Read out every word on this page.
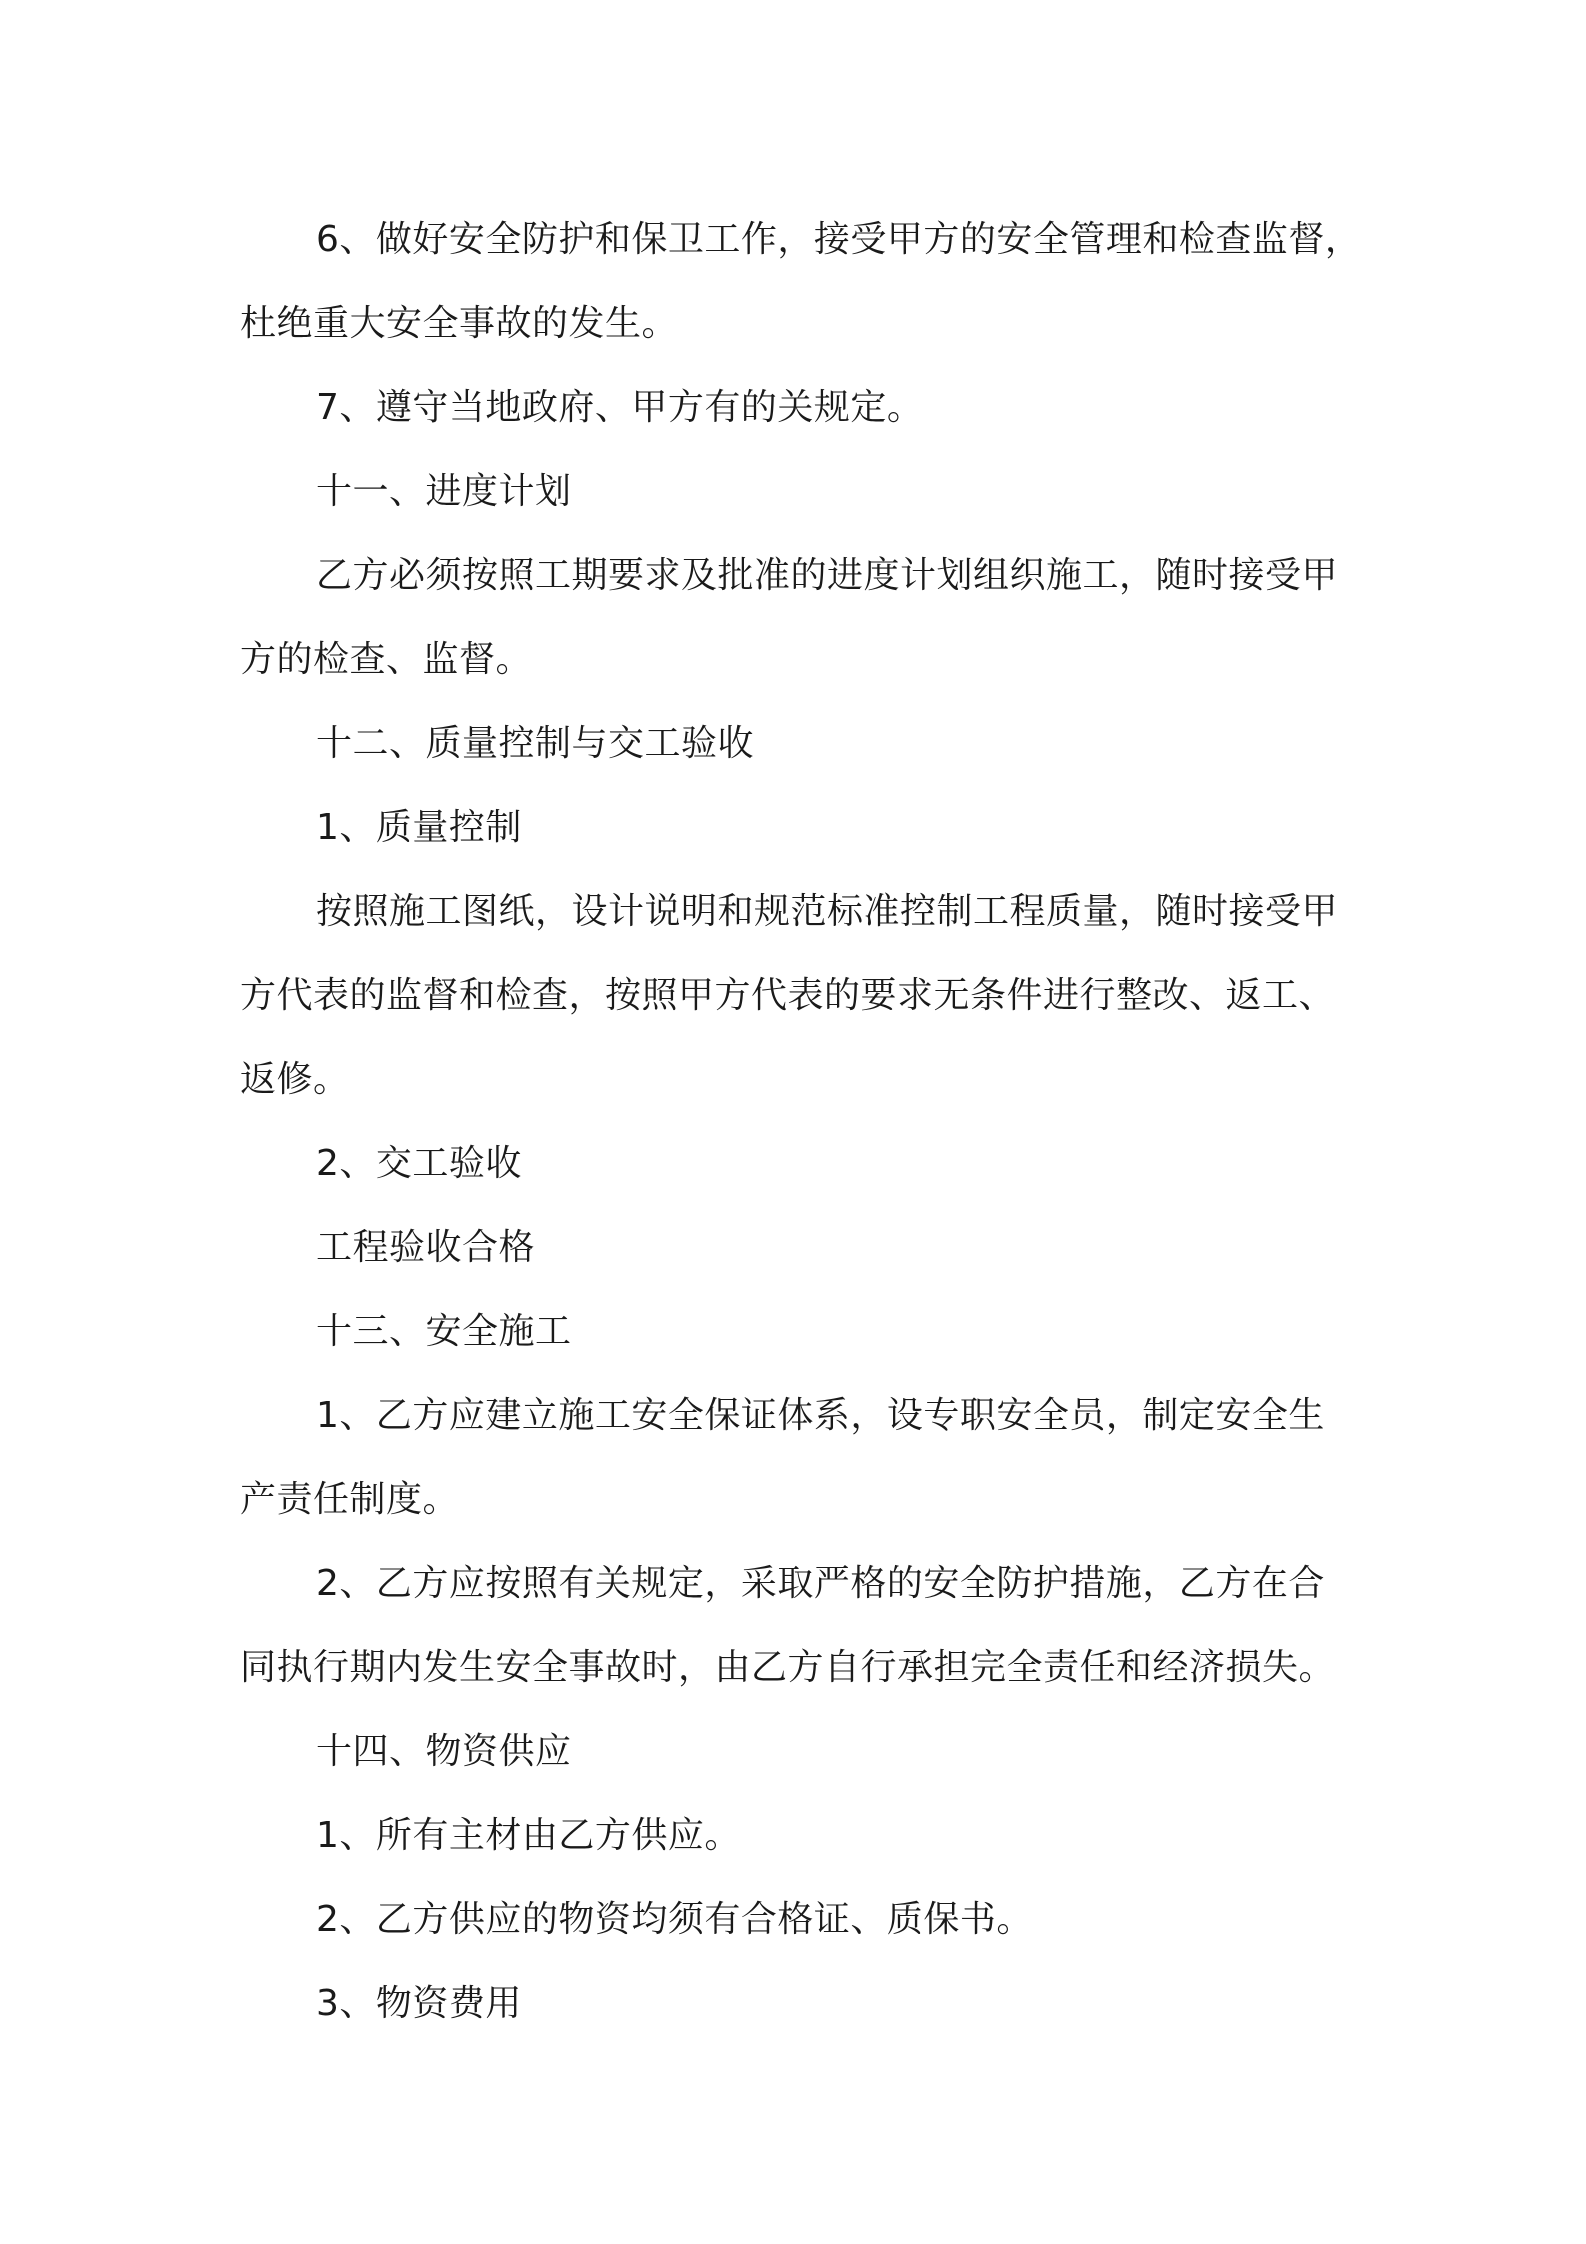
6、做好安全防护和保卫工作，接受甲方的安全管理和检查监督，
杜绝重大安全事故的发生。
7、遵守当地政府、甲方有的关规定。
十一、进度计划
乙方必须按照工期要求及批准的进度计划组织施工，随时接受甲
方的检查、监督。
十二、质量控制与交工验收
1、质量控制
按照施工图纸，设计说明和规范标准控制工程质量，随时接受甲
方代表的监督和检查，按照甲方代表的要求无条件进行整改、返工、
返修。
2、交工验收
工程验收合格
十三、安全施工
1、乙方应建立施工安全保证体系，设专职安全员，制定安全生
产责任制度。
2、乙方应按照有关规定，采取严格的安全防护措施，乙方在合
同执行期内发生安全事故时，由乙方自行承担完全责任和经济损失。
十四、物资供应
1、所有主材由乙方供应。
2、乙方供应的物资均须有合格证、质保书。
3、物资费用
